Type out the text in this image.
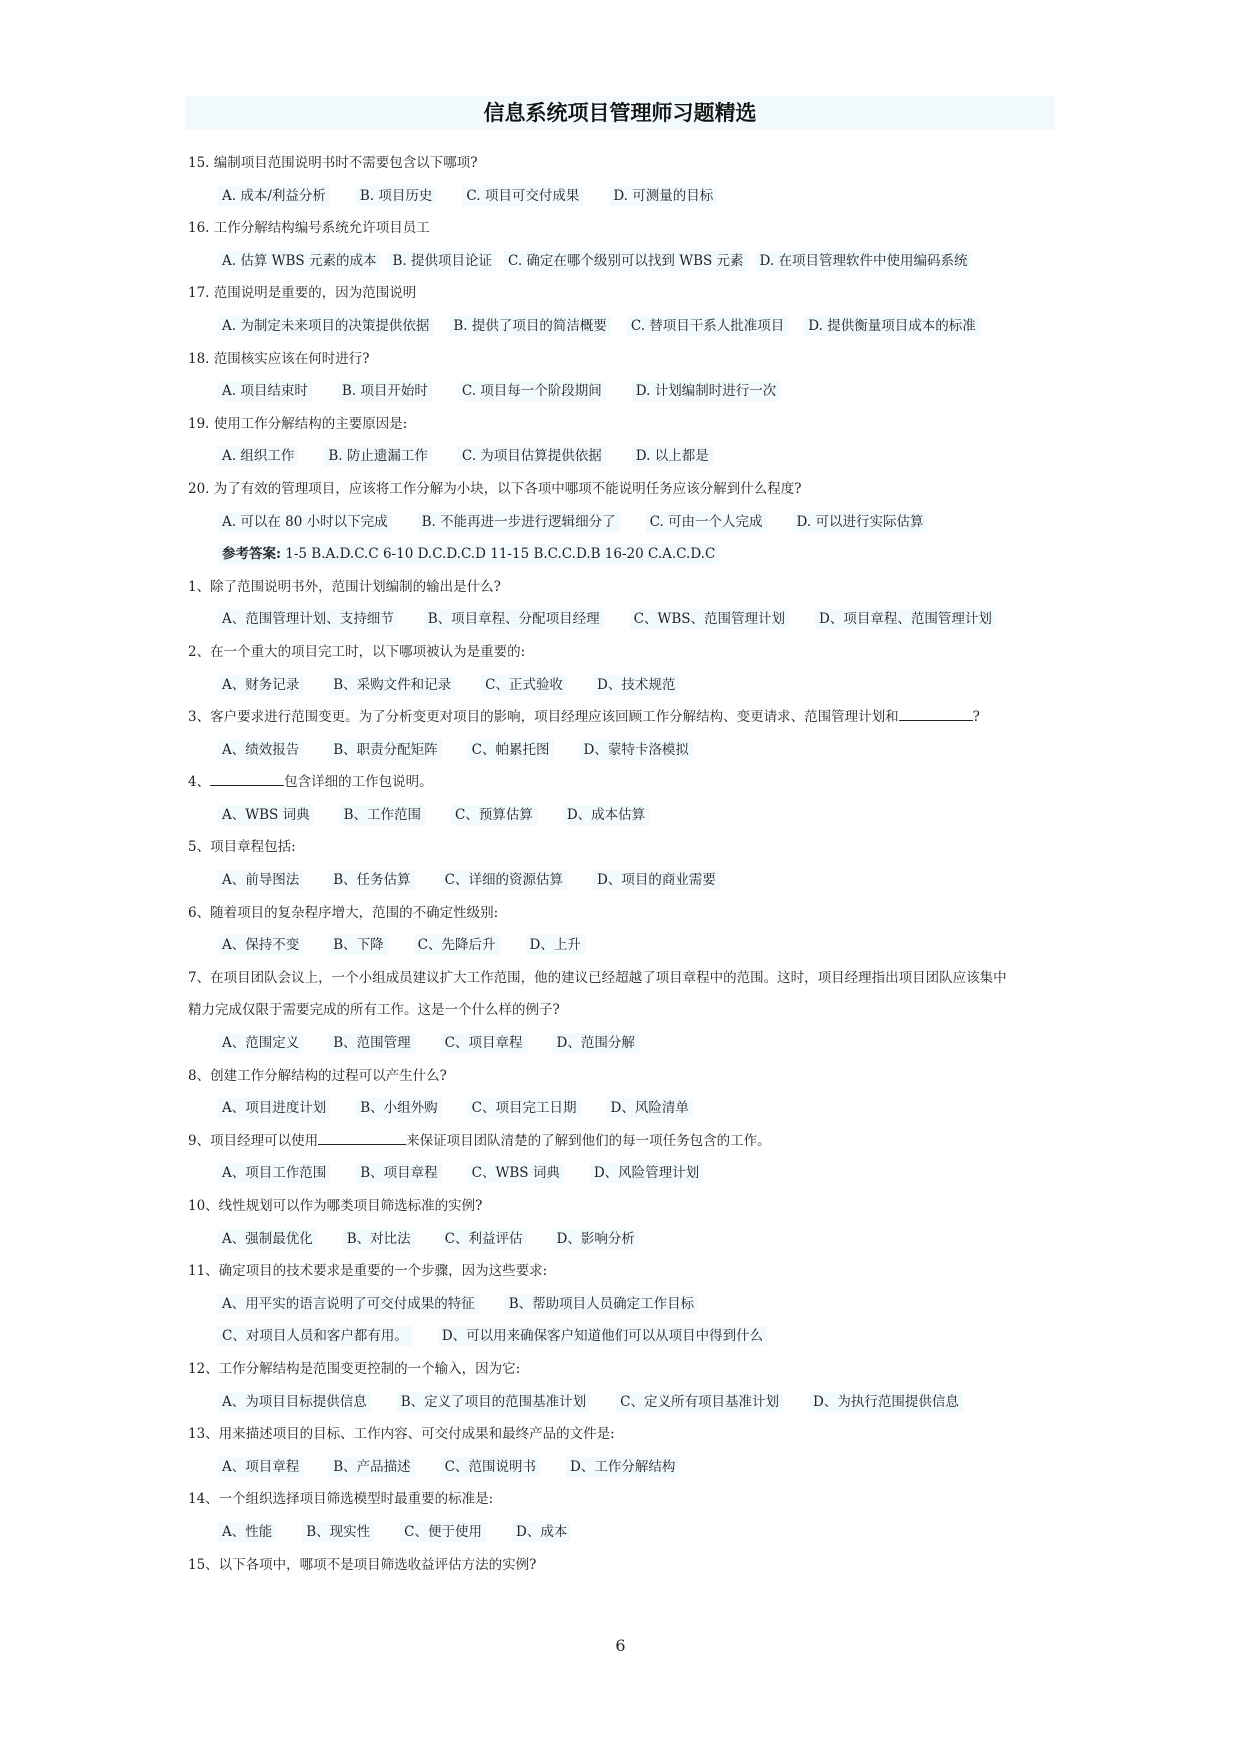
信息系统项目管理师习题精选
15. 编制项目范围说明书时不需要包含以下哪项?
A. 成本/利益分析	B. 项目历史	C. 项目可交付成果	D. 可测量的目标
16. 工作分解结构编号系统允许项目员工
A. 估算 WBS 元素的成本 B. 提供项目论证 C. 确定在哪个级别可以找到 WBS 元素 D. 在项目管理软件中使用编码系统
17. 范围说明是重要的，因为范围说明
A. 为制定未来项目的决策提供依据 B. 提供了项目的简洁概要 C. 替项目干系人批准项目 D. 提供衡量项目成本的标准
18. 范围核实应该在何时进行?
A. 项目结束时	B. 项目开始时	C. 项目每一个阶段期间	D. 计划编制时进行一次
19. 使用工作分解结构的主要原因是:
A. 组织工作	B. 防止遗漏工作	C. 为项目估算提供依据	D. 以上都是
20. 为了有效的管理项目，应该将工作分解为小块，以下各项中哪项不能说明任务应该分解到什么程度?
A. 可以在 80 小时以下完成	B. 不能再进一步进行逻辑细分了	C. 可由一个人完成	D. 可以进行实际估算
参考答案: 1-5 B.A.D.C.C 6-10 D.C.D.C.D 11-15 B.C.C.D.B 16-20 C.A.C.D.C
1、除了范围说明书外，范围计划编制的输出是什么?
A、范围管理计划、支持细节	B、项目章程、分配项目经理	C、WBS、范围管理计划	D、项目章程、范围管理计划
2、在一个重大的项目完工时，以下哪项被认为是重要的:
A、财务记录	B、采购文件和记录	C、正式验收	D、技术规范
3、客户要求进行范围变更。为了分析变更对项目的影响，项目经理应该回顾工作分解结构、变更请求、范围管理计划和	?
A、绩效报告	B、职责分配矩阵	C、帕累托图	D、蒙特卡洛模拟
4、	包含详细的工作包说明。
A、WBS 词典	B、工作范围	C、预算估算	D、成本估算
5、项目章程包括:
A、前导图法	B、任务估算	C、详细的资源估算	D、项目的商业需要
6、随着项目的复杂程序增大，范围的不确定性级别:
A、保持不变	B、下降	C、先降后升	D、上升
7、在项目团队会议上，一个小组成员建议扩大工作范围，他的建议已经超越了项目章程中的范围。这时，项目经理指出项目团队应该集中
精力完成仅限于需要完成的所有工作。这是一个什么样的例子?
A、范围定义	B、范围管理	C、项目章程	D、范围分解
8、创建工作分解结构的过程可以产生什么?
A、项目进度计划	B、小组外购	C、项目完工日期	D、风险清单
9、项目经理可以使用	来保证项目团队清楚的了解到他们的每一项任务包含的工作。
A、项目工作范围	B、项目章程	C、WBS 词典	D、风险管理计划
10、线性规划可以作为哪类项目筛选标准的实例?
A、强制最优化	B、对比法	C、利益评估	D、影响分析
11、确定项目的技术要求是重要的一个步骤，因为这些要求:
A、用平实的语言说明了可交付成果的特征	B、帮助项目人员确定工作目标
C、对项目人员和客户都有用。	D、可以用来确保客户知道他们可以从项目中得到什么
12、工作分解结构是范围变更控制的一个输入，因为它:
A、为项目目标提供信息	B、定义了项目的范围基准计划	C、定义所有项目基准计划	D、为执行范围提供信息
13、用来描述项目的目标、工作内容、可交付成果和最终产品的文件是:
A、项目章程	B、产品描述	C、范围说明书	D、工作分解结构
14、一个组织选择项目筛选模型时最重要的标准是:
A、性能	B、现实性	C、便于使用	D、成本
15、以下各项中，哪项不是项目筛选收益评估方法的实例?
6
